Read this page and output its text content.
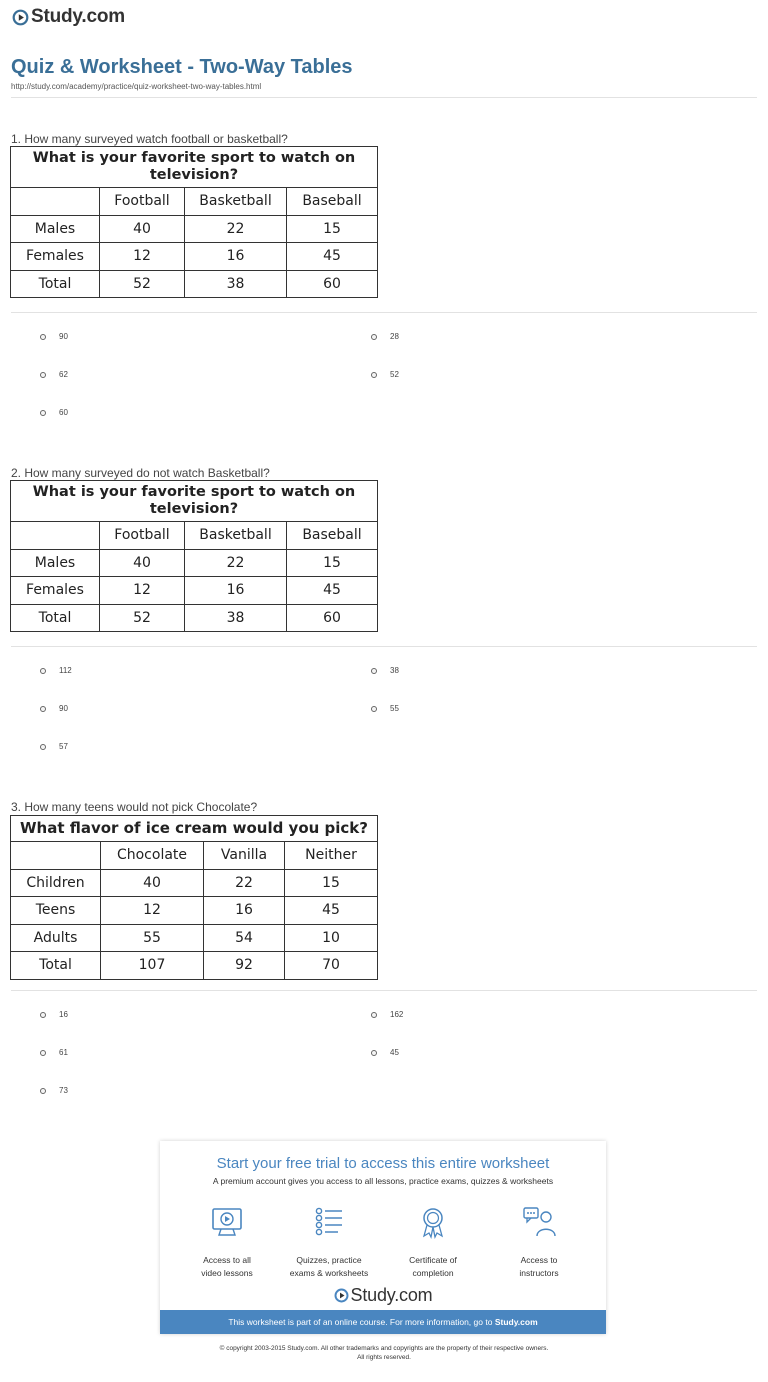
Study.com
Quiz & Worksheet - Two-Way Tables
http://study.com/academy/practice/quiz-worksheet-two-way-tables.html
1. How many surveyed watch football or basketball?
What is your favorite sport to watch on television?			
	Football	Basketball	Baseball
Males	40	22	15
Females	12	16	45
Total	52	38	60
90
62
60
28
52
2. How many surveyed do not watch Basketball?
What is your favorite sport to watch on television?			
	Football	Basketball	Baseball
Males	40	22	15
Females	12	16	45
Total	52	38	60
112
90
57
38
55
3. How many teens would not pick Chocolate?
What flavor of ice cream would you pick?			
	Chocolate	Vanilla	Neither
Children	40	22	15
Teens	12	16	45
Adults	55	54	10
Total	107	92	70
16
61
73
162
45
Start your free trial to access this entire worksheet
A premium account gives you access to all lessons, practice exams, quizzes & worksheets
Access to all
video lessons
Quizzes, practice
exams & worksheets
Certificate of
completion
Access to
instructors
Study.com
This worksheet is part of an online course. For more information, go to Study.com
© copyright 2003-2015 Study.com. All other trademarks and copyrights are the property of their respective owners.
All rights reserved.
